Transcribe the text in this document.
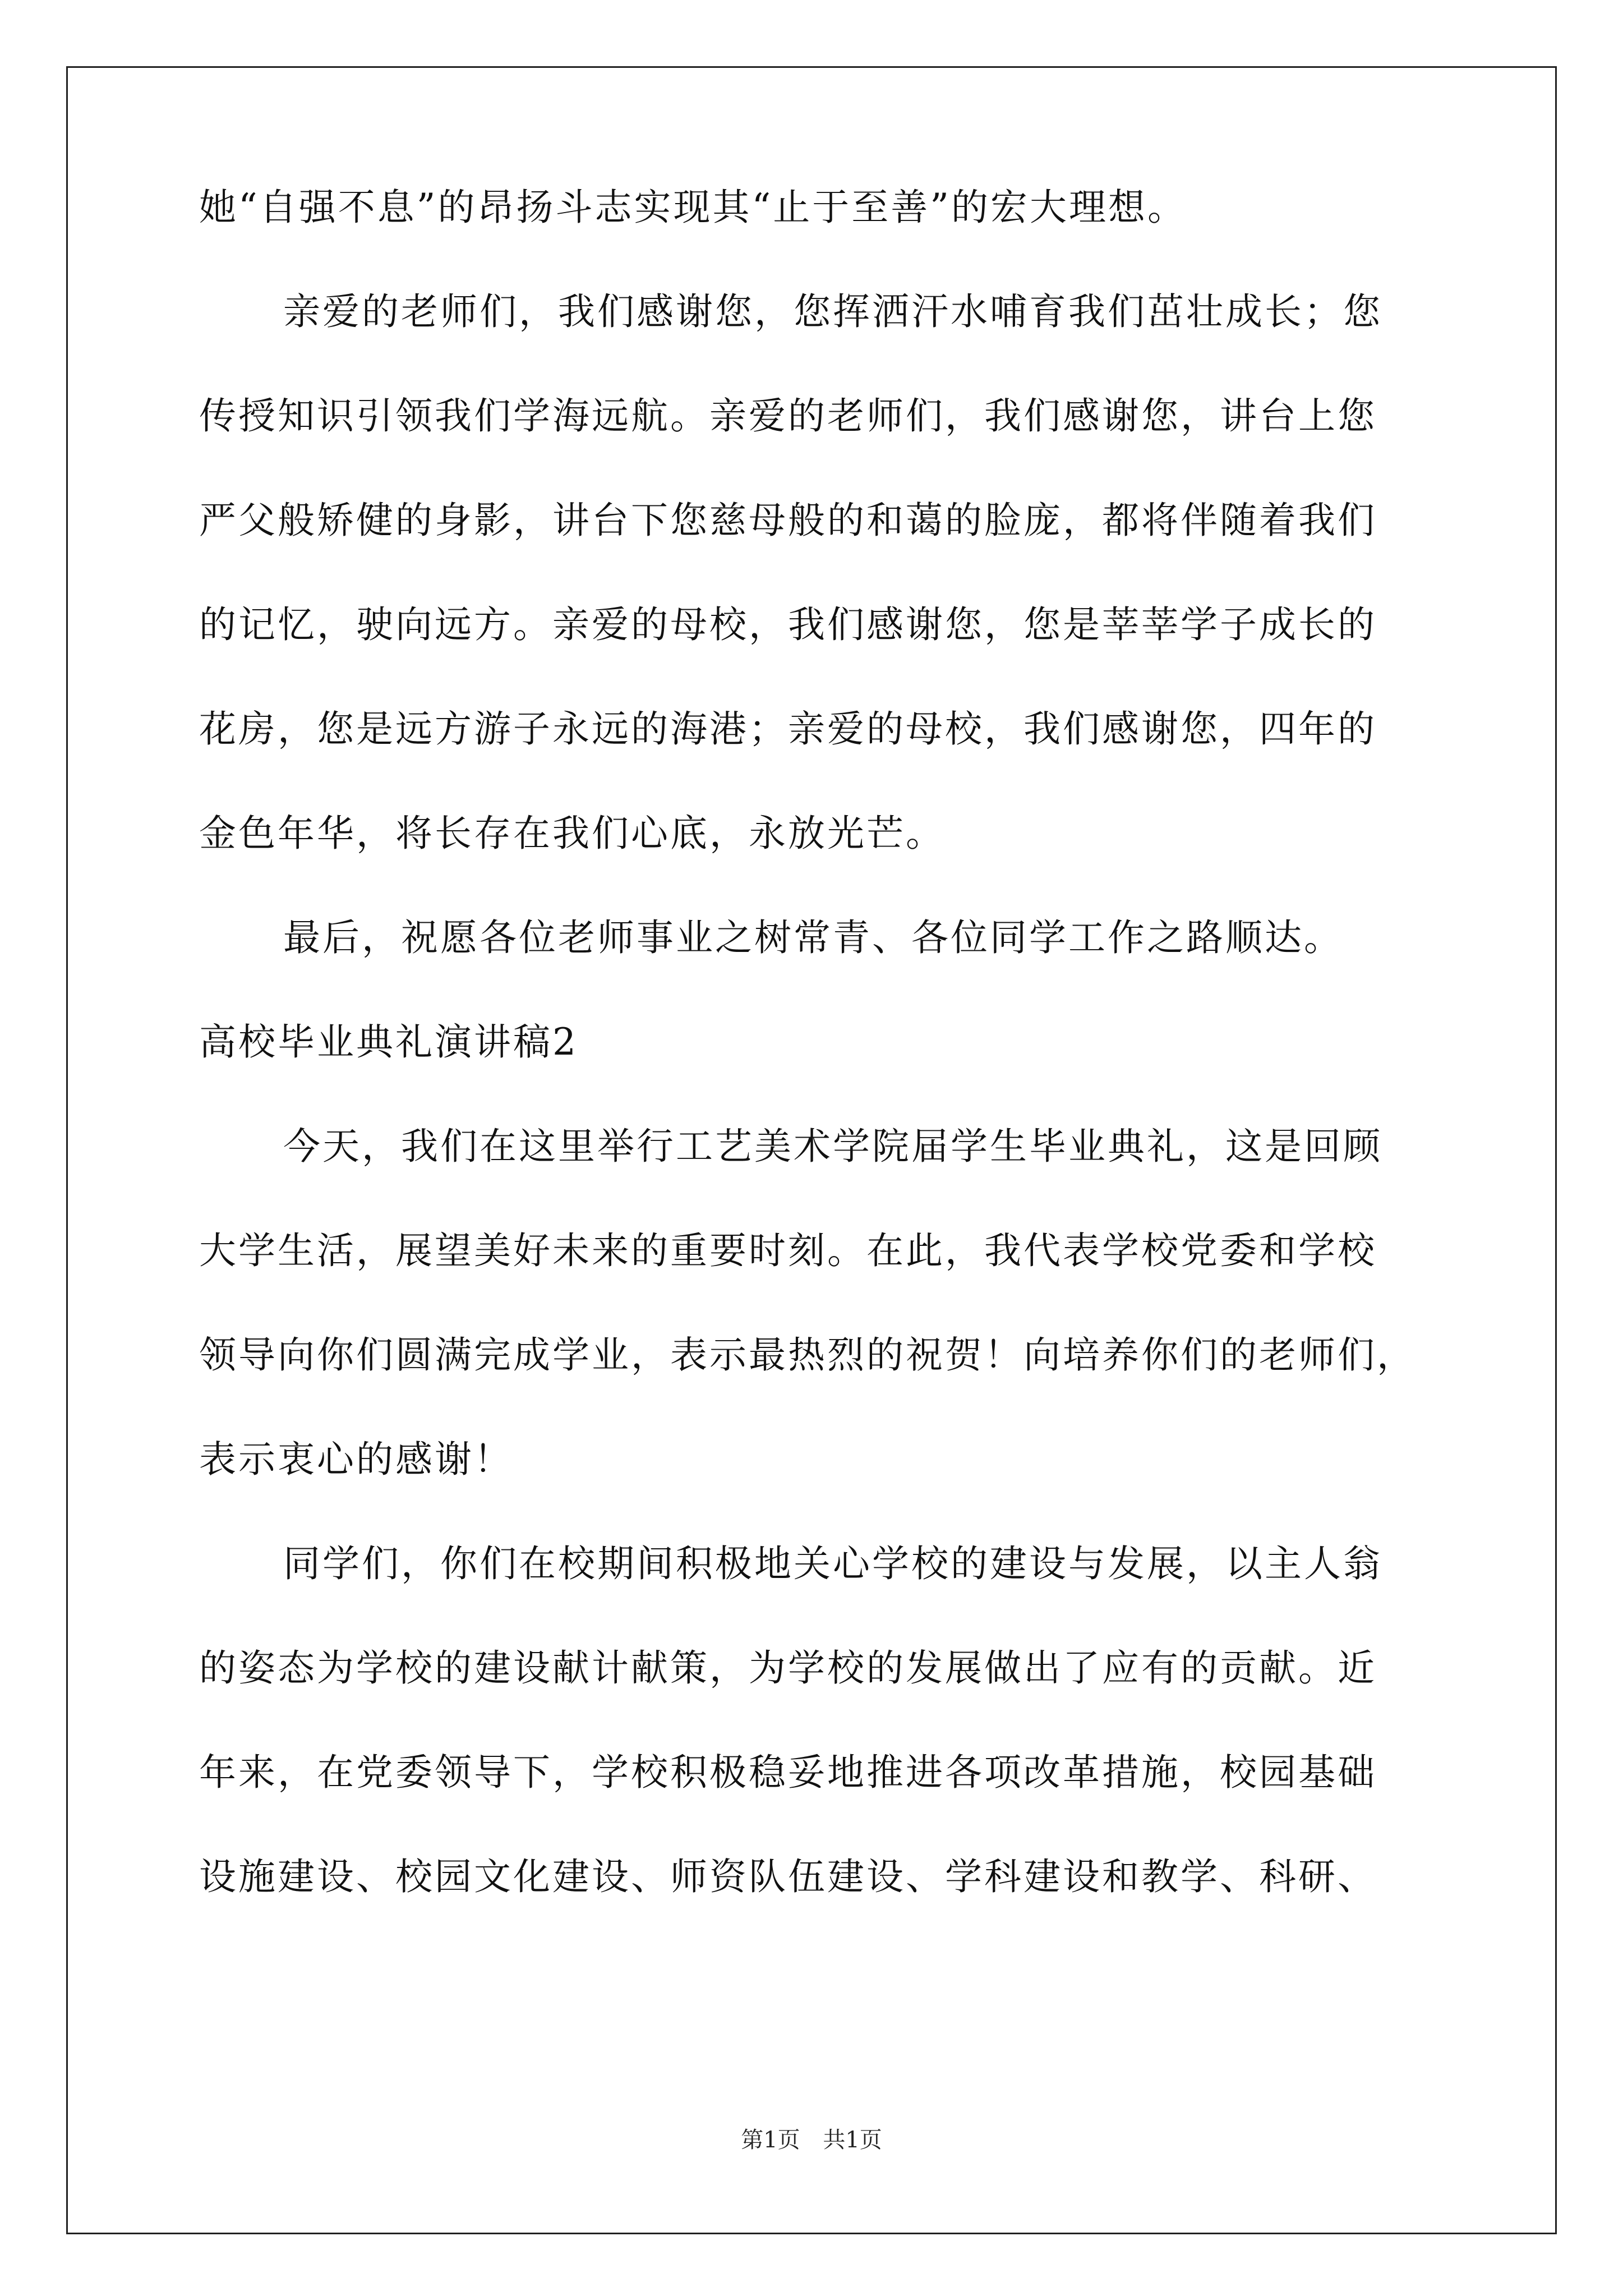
她“自强不息”的昂扬斗志实现其“止于至善”的宏大理想。
亲爱的老师们，我们感谢您，您挥洒汗水哺育我们茁壮成长；您
传授知识引领我们学海远航。亲爱的老师们，我们感谢您，讲台上您
严父般矫健的身影，讲台下您慈母般的和蔼的脸庞，都将伴随着我们
的记忆，驶向远方。亲爱的母校，我们感谢您，您是莘莘学子成长的
花房，您是远方游子永远的海港；亲爱的母校，我们感谢您，四年的
金色年华，将长存在我们心底，永放光芒。
最后，祝愿各位老师事业之树常青、各位同学工作之路顺达。
高校毕业典礼演讲稿2
今天，我们在这里举行工艺美术学院届学生毕业典礼，这是回顾
大学生活，展望美好未来的重要时刻。在此，我代表学校党委和学校
领导向你们圆满完成学业，表示最热烈的祝贺！向培养你们的老师们，
表示衷心的感谢！
同学们，你们在校期间积极地关心学校的建设与发展，以主人翁
的姿态为学校的建设献计献策，为学校的发展做出了应有的贡献。近
年来，在党委领导下，学校积极稳妥地推进各项改革措施，校园基础
设施建设、校园文化建设、师资队伍建设、学科建设和教学、科研、
第1页 共1页
